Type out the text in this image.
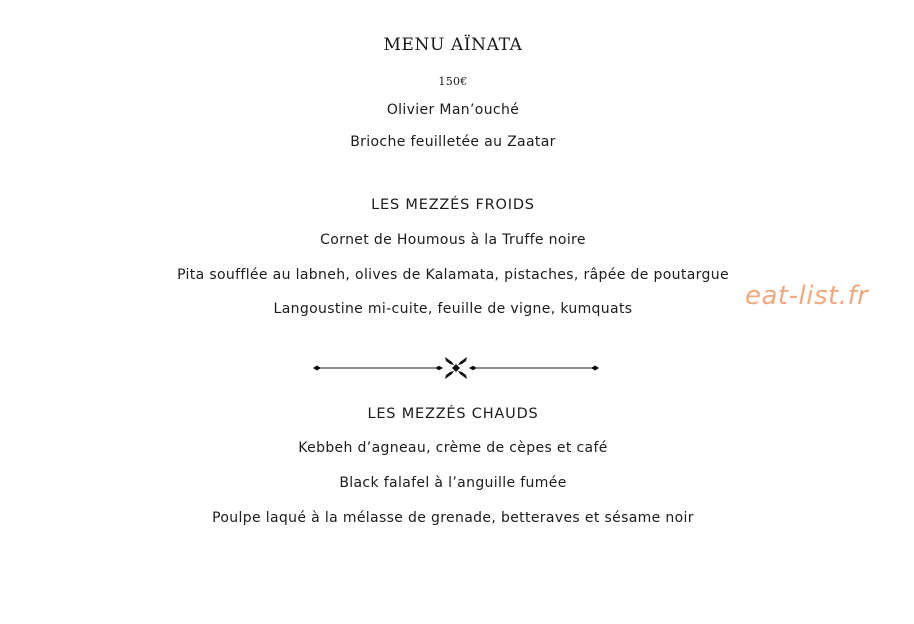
MENU AÏNATA
150€
Olivier Man’ouché
Brioche feuilletée au Zaatar
LES MEZZÉS FROIDS
Cornet de Houmous à la Truffe noire
Pita soufflée au labneh, olives de Kalamata, pistaches, râpée de poutargue
Langoustine mi-cuite, feuille de vigne, kumquats
LES MEZZÉS CHAUDS
Kebbeh d’agneau, crème de cèpes et café
Black falafel à l’anguille fumée
Poulpe laqué à la mélasse de grenade, betteraves et sésame noir
eat-list.fr
